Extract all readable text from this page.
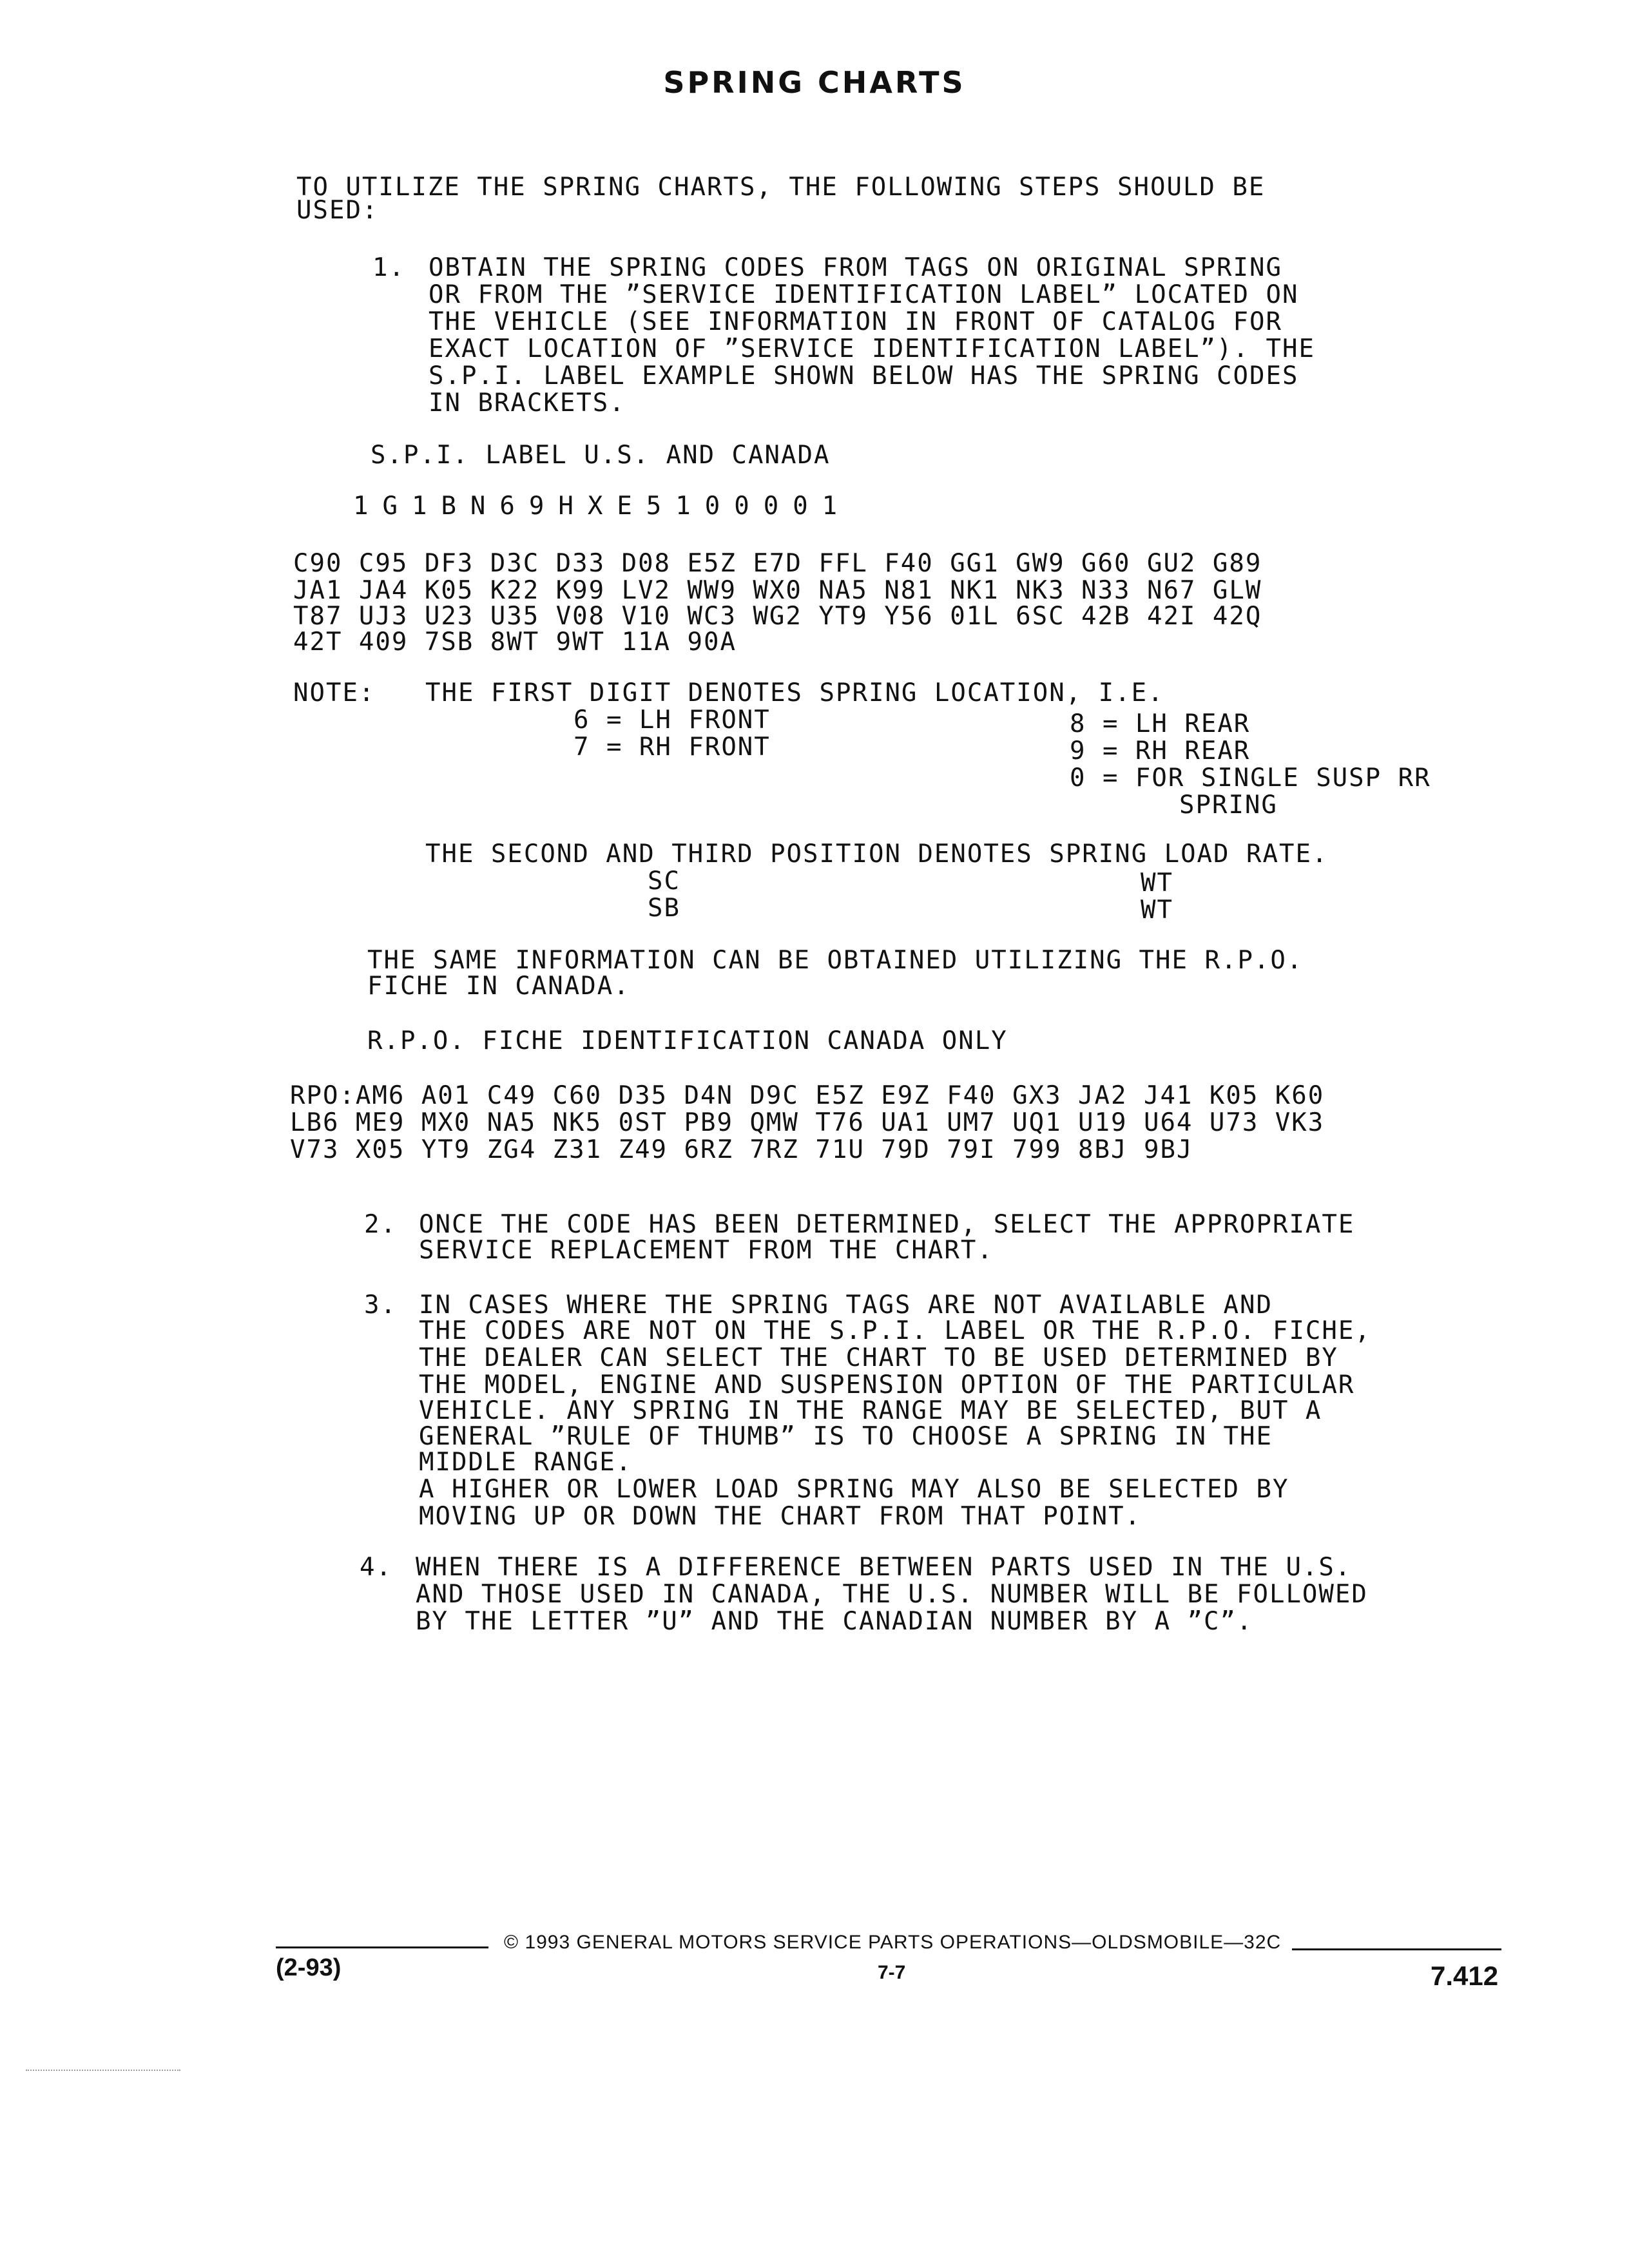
SPRING CHARTS

TO UTILIZE THE SPRING CHARTS, THE FOLLOWING STEPS SHOULD BE

USED:

1. OBTAIN THE SPRING CODES FROM TAGS ON ORIGINAL SPRING

OR FROM THE ”SERVICE IDENTIFICATION LABEL” LOCATED ON

THE VEHICLE (SEE INFORMATION IN FRONT OF CATALOG FOR

EXACT LOCATION OF ”SERVICE IDENTIFICATION LABEL”). THE

S.P.I. LABEL EXAMPLE SHOWN BELOW HAS THE SPRING CODES

IN BRACKETS.

S.P.I. LABEL U.S. AND CANADA

1G1BN69HXE5100001

C90 C95 DF3 D3C D33 D08 E5Z E7D FFL F40 GG1 GW9 G60 GU2 G89

JA1 JA4 K05 K22 K99 LV2 WW9 WX0 NA5 N81 NK1 NK3 N33 N67 GLW

T87 UJ3 U23 U35 V08 V10 WC3 WG2 YT9 Y56 01L 6SC 42B 42I 42Q

42T 409 7SB 8WT 9WT 11A 90A

NOTE: THE FIRST DIGIT DENOTES SPRING LOCATION, I.E.

6 = LH FRONT

7 = RH FRONT

8 = LH REAR

9 = RH REAR

0 = FOR SINGLE SUSP RR

SPRING

THE SECOND AND THIRD POSITION DENOTES SPRING LOAD RATE.

SC

SB

WT

WT

THE SAME INFORMATION CAN BE OBTAINED UTILIZING THE R.P.O.

FICHE IN CANADA.

R.P.O. FICHE IDENTIFICATION CANADA ONLY

RPO:AM6 A01 C49 C60 D35 D4N D9C E5Z E9Z F40 GX3 JA2 J41 K05 K60

LB6 ME9 MX0 NA5 NK5 0ST PB9 QMW T76 UA1 UM7 UQ1 U19 U64 U73 VK3

V73 X05 YT9 ZG4 Z31 Z49 6RZ 7RZ 71U 79D 79I 799 8BJ 9BJ

2. ONCE THE CODE HAS BEEN DETERMINED, SELECT THE APPROPRIATE

SERVICE REPLACEMENT FROM THE CHART.

3. IN CASES WHERE THE SPRING TAGS ARE NOT AVAILABLE AND

THE CODES ARE NOT ON THE S.P.I. LABEL OR THE R.P.O. FICHE,

THE DEALER CAN SELECT THE CHART TO BE USED DETERMINED BY

THE MODEL, ENGINE AND SUSPENSION OPTION OF THE PARTICULAR

VEHICLE. ANY SPRING IN THE RANGE MAY BE SELECTED, BUT A

GENERAL ”RULE OF THUMB” IS TO CHOOSE A SPRING IN THE

MIDDLE RANGE.

A HIGHER OR LOWER LOAD SPRING MAY ALSO BE SELECTED BY

MOVING UP OR DOWN THE CHART FROM THAT POINT.

4. WHEN THERE IS A DIFFERENCE BETWEEN PARTS USED IN THE U.S.

AND THOSE USED IN CANADA, THE U.S. NUMBER WILL BE FOLLOWED

BY THE LETTER ”U” AND THE CANADIAN NUMBER BY A ”C”.

© 1993 GENERAL MOTORS SERVICE PARTS OPERATIONS—OLDSMOBILE—32C

(2-93)	7-7	7.412
